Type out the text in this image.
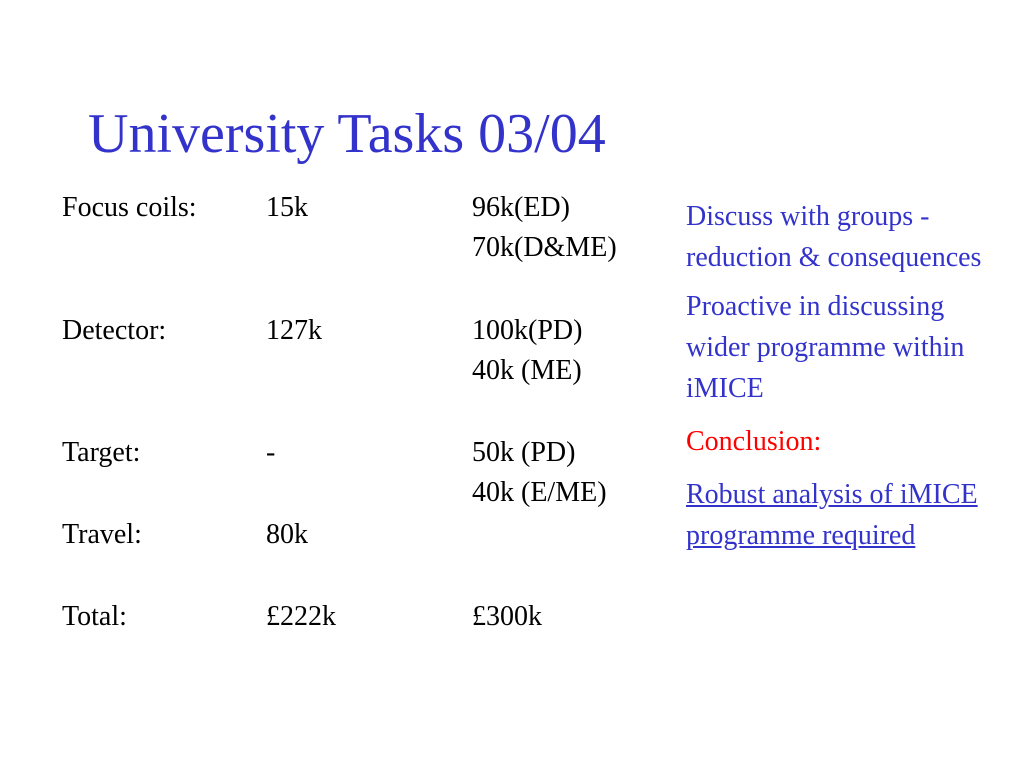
University Tasks 03/04
Focus coils: 15k	96k(ED)
70k(D&ME)
Detector:	127k	100k(PD)
40k (ME)
Target:	-	50k (PD)
40k (E/ME)
Travel:	80k
Total:	£222k	£300k

Discuss with groups - reduction & consequences

Proactive in discussing wider programme within iMICE

Conclusion:

Robust analysis of iMICE programme required
